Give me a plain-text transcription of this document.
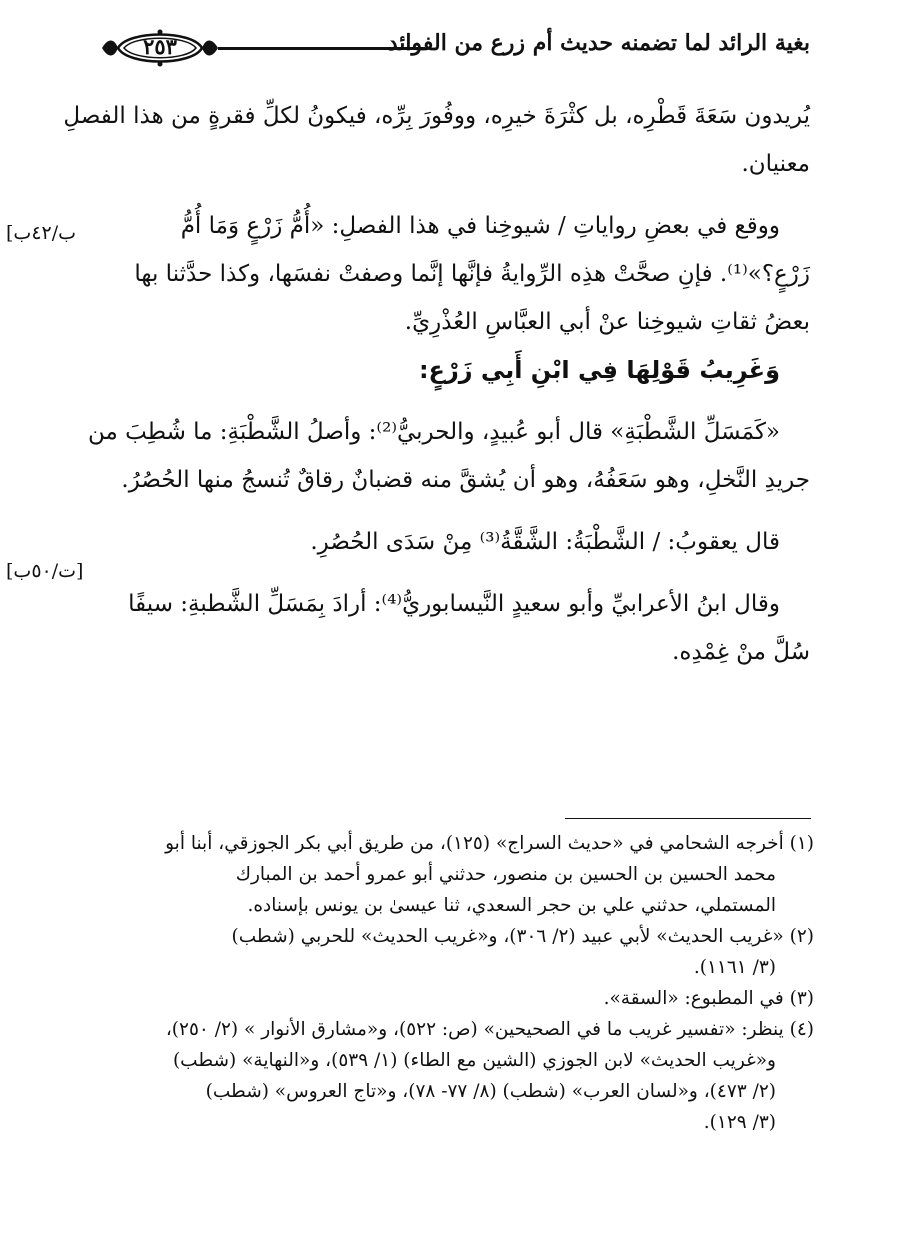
٢٥٣	بغية الرائد لما تضمنه حديث أم زرع من الفوائد
[ب/٤٢ب
[ت/٥٠ب]
يُريدون سَعَةَ قَطْرِه، بل كثْرَةَ خيرِه، ووفُورَ بِرِّه، فيكونُ لكلِّ فقرةٍ من هذا الفصلِ
معنيان.
ووقع في بعضِ رواياتِ / شيوخِنا في هذا الفصلِ: «أُمُّ زَرْعٍ وَمَا أُمُّ
زَرْعٍ؟»⁽¹⁾. فإنِ صحَّتْ هذِه الرِّوايةُ فإنَّها إنَّما وصفتْ نفسَها، وكذا حدَّثنا بها
بعضُ ثقاتِ شيوخِنا عنْ أبي العبَّاسِ العُذْرِيِّ.
وَغَرِيبُ قَوْلِهَا فِي ابْنِ أَبِي زَرْعٍ:
«كَمَسَلِّ الشَّطْبَةِ» قال أبو عُبيدٍ، والحربيُّ⁽²⁾: وأصلُ الشَّطْبَةِ: ما شُطِبَ من
جريدِ النَّخلِ، وهو سَعَفُهُ، وهو أن يُشقَّ منه قضبانٌ رقاقٌ تُنسجُ منها الحُصُرُ.
قال يعقوبُ: / الشَّطْبَةُ: الشَّقَّةُ⁽³⁾ مِنْ سَدَى الحُصُرِ.
وقال ابنُ الأعرابيِّ وأبو سعيدٍ النَّيسابوريُّ⁽⁴⁾: أرادَ بِمَسَلِّ الشَّطبةِ: سيفًا
سُلَّ منْ غِمْدِه.
(١) أخرجه الشحامي في «حديث السراج» (١٢٥)، من طريق أبي بكر الجوزقي، أبنا أبو
محمد الحسين بن الحسين بن منصور، حدثني أبو عمرو أحمد بن المبارك
المستملي، حدثني علي بن حجر السعدي، ثنا عيسىٰ بن يونس بإسناده.
(٢) «غريب الحديث» لأبي عبيد (٢/ ٣٠٦)، و«غريب الحديث» للحربي (شطب)
(٣/ ١١٦١).
(٣) في المطبوع: «السقة».
(٤) ينظر: «تفسير غريب ما في الصحيحين» (ص: ٥٢٢)، و«مشارق الأنوار » (٢/ ٢٥٠)،
و«غريب الحديث» لابن الجوزي (الشين مع الطاء) (١/ ٥٣٩)، و«النهاية» (شطب)
(٢/ ٤٧٣)، و«لسان العرب» (شطب) (٨/ ٧٧- ٧٨)، و«تاج العروس» (شطب)
(٣/ ١٢٩).
